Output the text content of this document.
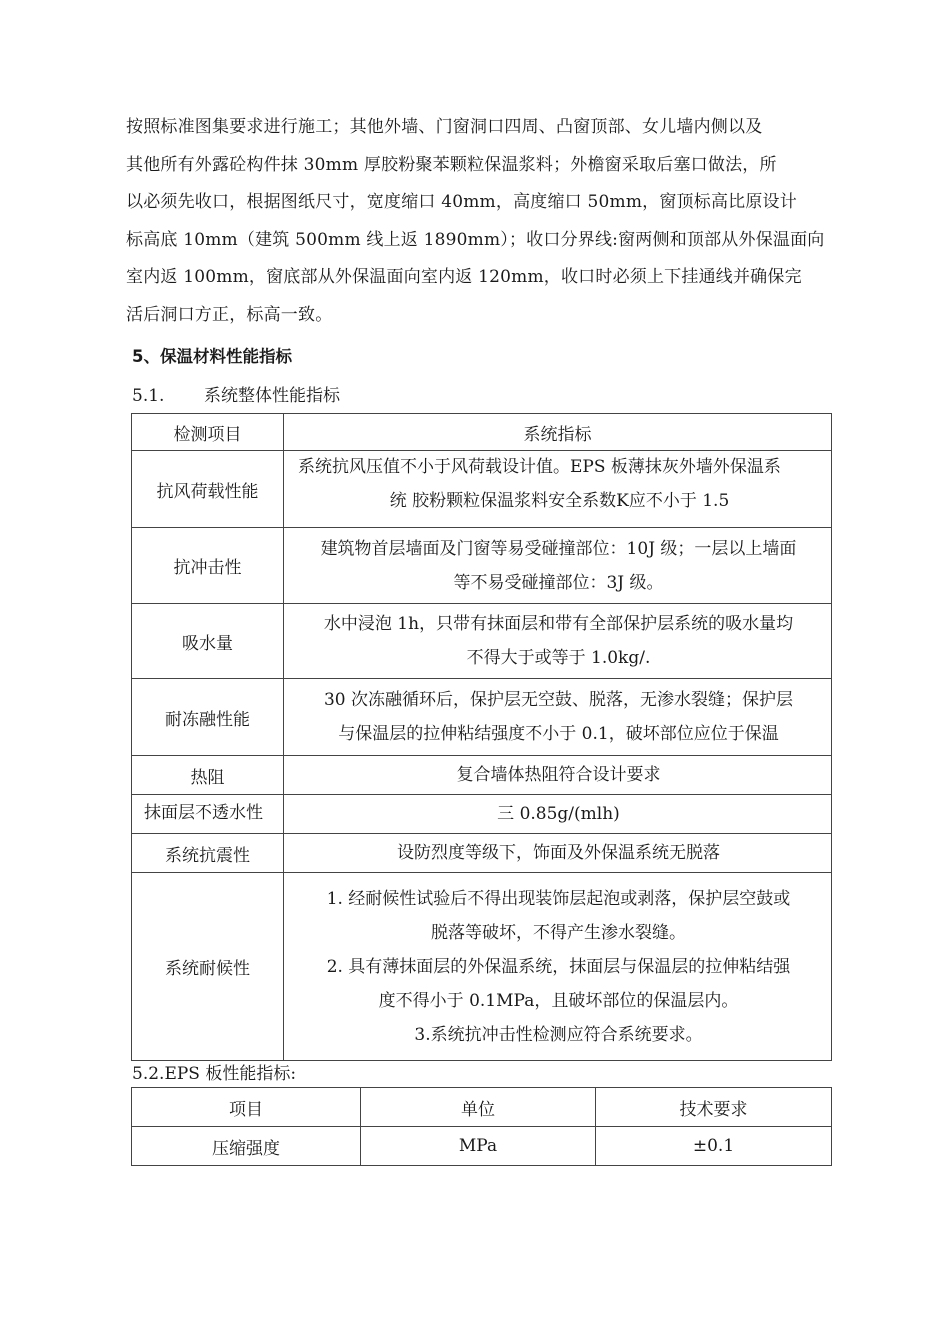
按照标准图集要求进行施工；其他外墙、门窗洞口四周、凸窗顶部、女儿墙内侧以及
其他所有外露砼构件抹 30mm 厚胶粉聚苯颗粒保温浆料；外檐窗采取后塞口做法，所
以必须先收口，根据图纸尺寸，宽度缩口 40mm，高度缩口 50mm，窗顶标高比原设计
标高底 10mm（建筑 500mm 线上返 1890mm）；收口分界线:窗两侧和顶部从外保温面向
室内返 100mm，窗底部从外保温面向室内返 120mm，收口时必须上下挂通线并确保完
活后洞口方正，标高一致。
5、保温材料性能指标
5.1. 系统整体性能指标
检测项目	系统指标
抗风荷载性能	系统抗风压值不小于风荷载设计值。EPS 板薄抹灰外墙外保温系
统 胶粉颗粒保温浆料安全系数K应不小于 1.5

抗冲击性	建筑物首层墙面及门窗等易受碰撞部位：10J 级；一层以上墙面
等不易受碰撞部位：3J 级。

吸水量	水中浸泡 1h，只带有抹面层和带有全部保护层系统的吸水量均
不得大于或等于 1.0kg/.

耐冻融性能	30 次冻融循环后，保护层无空鼓、脱落，无渗水裂缝；保护层
与保温层的拉伸粘结强度不小于 0.1，破坏部位应位于保温

热阻	复合墙体热阻符合设计要求

抹面层不透水性	三 0.85g/(mlh)

系统抗震性	设防烈度等级下，饰面及外保温系统无脱落

系统耐候性	1. 经耐候性试验后不得出现装饰层起泡或剥落，保护层空鼓或
脱落等破坏，不得产生渗水裂缝。
2. 具有薄抹面层的外保温系统，抹面层与保温层的拉伸粘结强
度不得小于 0.1MPa，且破坏部位的保温层内。
3.系统抗冲击性检测应符合系统要求。
5.2.EPS 板性能指标:
项目	单位	技术要求
压缩强度	MPa	±0.1
